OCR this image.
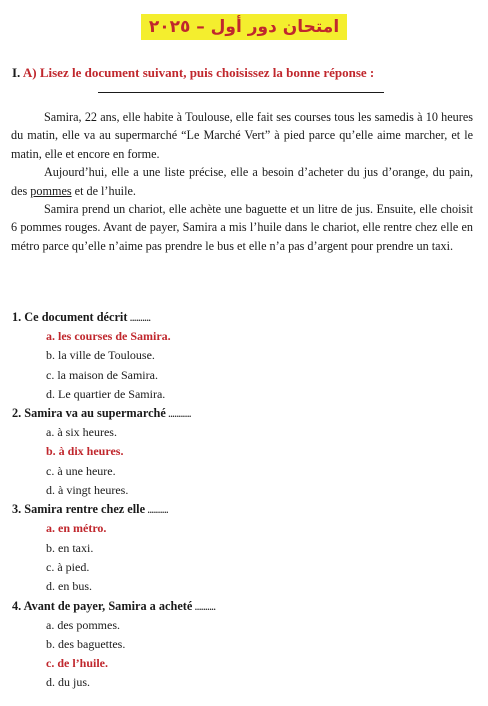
امتحان دور أول – ٢٠٢٥
I. A) Lisez le document suivant, puis choisissez la bonne réponse :

Samira, 22 ans, elle habite à Toulouse, elle fait ses courses tous les samedis à 10 heures du matin, elle va au supermarché “Le Marché Vert” à pied parce qu’elle aime marcher, et le matin, elle et encore en forme.

Aujourd’hui, elle a une liste précise, elle a besoin d’acheter du jus d’orange, du pain, des pommes et de l’huile.

Samira prend un chariot, elle achète une baguette et un litre de jus. Ensuite, elle choisit 6 pommes rouges. Avant de payer, Samira a mis l’huile dans le chariot, elle rentre chez elle en métro parce qu’elle n’aime pas prendre le bus et elle n’a pas d’argent pour prendre un taxi.

1. Ce document décrit ..........
a. les courses de Samira.
b. la ville de Toulouse.
c. la maison de Samira.
d. Le quartier de Samira.
2. Samira va au supermarché ...........
a. à six heures.
b. à dix heures.
c. à une heure.
d. à vingt heures.
3. Samira rentre chez elle ..........
a. en métro.
b. en taxi.
c. à pied.
d. en bus.
4. Avant de payer, Samira a acheté ..........
a. des pommes.
b. des baguettes.
c. de l’huile.
d. du jus.
